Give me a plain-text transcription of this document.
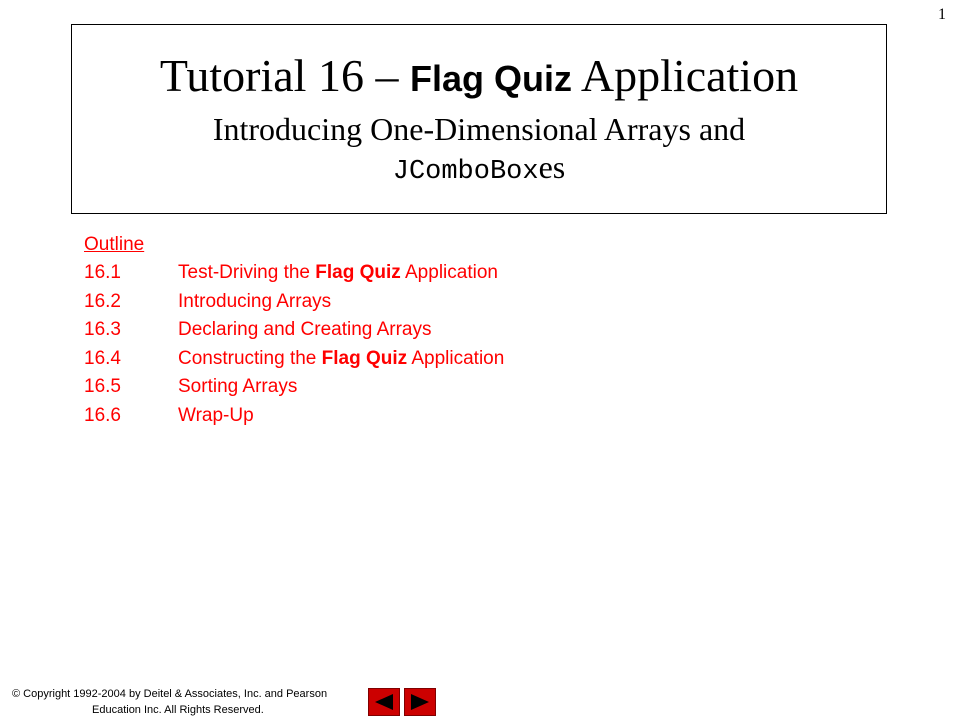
1
Tutorial 16 – Flag Quiz Application
Introducing One-Dimensional Arrays and
JComboBoxes
Outline
16.1	Test-Driving the Flag Quiz Application
16.2	Introducing Arrays
16.3	Declaring and Creating Arrays
16.4	Constructing the Flag Quiz Application
16.5	Sorting Arrays
16.6	Wrap-Up
© Copyright 1992-2004 by Deitel & Associates, Inc. and Pearson
Education Inc. All Rights Reserved.
